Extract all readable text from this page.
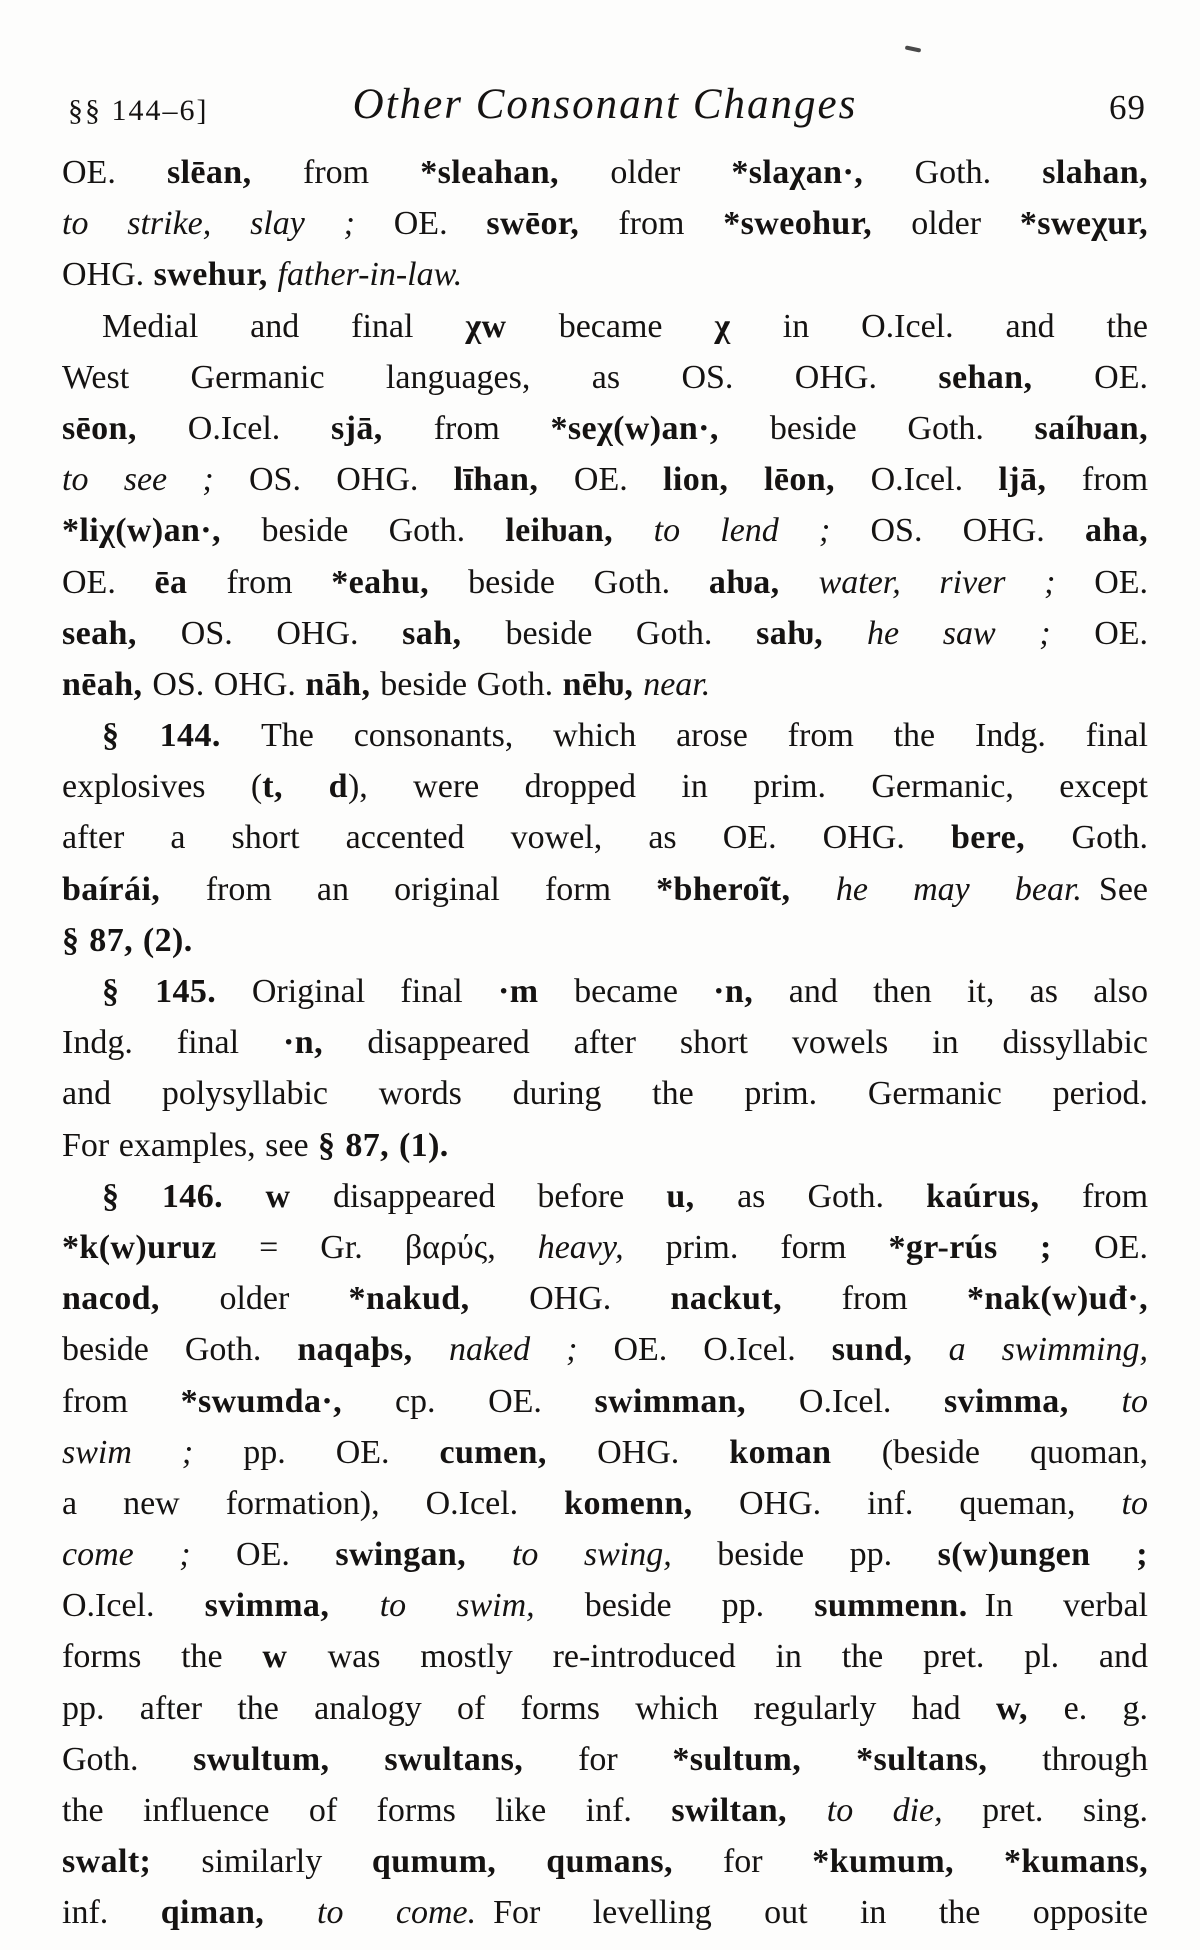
§§ 144–6]	Other Consonant Changes	69
OE. slēan, from *sleahan, older *slaχan·, Goth. slahan,
to strike, slay ; OE. swēor, from *sweohur, older *sweχur,
OHG. swehur, father-in-law.
Medial and final χw became χ in O.Icel. and the
West Germanic languages, as OS. OHG. sehan, OE.
sēon, O.Icel. sjā, from *seχ(w)an·, beside Goth. saíƕan,
to see ; OS. OHG. līhan, OE. lion, lēon, O.Icel. ljā, from
*liχ(w)an·, beside Goth. leiƕan, to lend ; OS. OHG. aha,
OE. ēa from *eahu, beside Goth. aƕa, water, river ; OE.
seah, OS. OHG. sah, beside Goth. saƕ, he saw ; OE.
nēah, OS. OHG. nāh, beside Goth. nēƕ, near.
§ 144. The consonants, which arose from the Indg. final
explosives (t, d), were dropped in prim. Germanic, except
after a short accented vowel, as OE. OHG. bere, Goth.
baírái, from an original form *bheroĩt, he may bear. See
§ 87, (2).
§ 145. Original final ·m became ·n, and then it, as also
Indg. final ·n, disappeared after short vowels in dissyllabic
and polysyllabic words during the prim. Germanic period.
For examples, see § 87, (1).
§ 146. w disappeared before u, as Goth. kaúrus, from
*k(w)uruz = Gr. βαρύς, heavy, prim. form *gr-rús ; OE.
nacod, older *nakud, OHG. nackut, from *nak(w)uđ·,
beside Goth. naqaþs, naked ; OE. O.Icel. sund, a swimming,
from *swumda·, cp. OE. swimman, O.Icel. svimma, to
swim ; pp. OE. cumen, OHG. koman (beside quoman,
a new formation), O.Icel. komenn, OHG. inf. queman, to
come ; OE. swingan, to swing, beside pp. s(w)ungen ;
O.Icel. svimma, to swim, beside pp. summenn. In verbal
forms the w was mostly re-introduced in the pret. pl. and
pp. after the analogy of forms which regularly had w, e. g.
Goth. swultum, swultans, for *sultum, *sultans, through
the influence of forms like inf. swiltan, to die, pret. sing.
swalt; similarly qumum, qumans, for *kumum, *kumans,
inf. qiman, to come. For levelling out in the opposite
